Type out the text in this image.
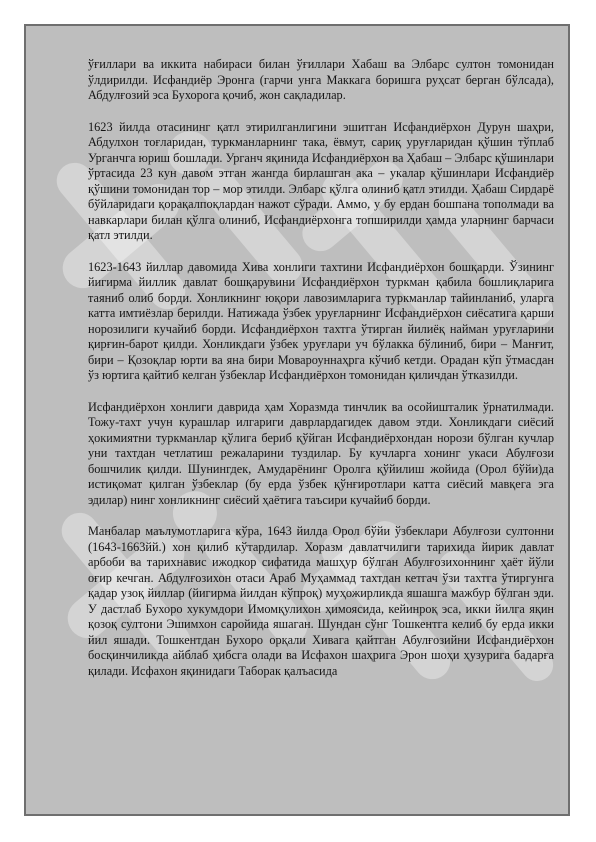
ўғиллари ва иккита набираси билан ўғиллари Хабаш ва Элбарс султон томонидан ўлдирилди. Исфандиёр Эронга (гарчи унга Маккага боришга руҳсат берган бўлсада), Абдулғозий эса Бухорога қочиб, жон сақладилар.

1623 йилда отасининг қатл этирилганлигини эшитган Исфандиёрхон Дурун шаҳри, Абдулхон тоғларидан, туркманларнинг така, ёвмут, сариқ уруғларидан қўшин тўплаб Урганчга юриш бошлади. Урганч яқинида Исфандиёрхон ва Ҳабаш – Элбарс қўшинлари ўртасида 23 кун давом этган жангда бирлашган ака – укалар қўшинлари Исфандиёр қўшини томонидан тор – мор этилди. Элбарс қўлга олиниб қатл этилди. Ҳабаш Сирдарё бўйларидаги қорақалпоқлардан нажот сўради. Аммо, у бу ердан бошпана тополмади ва навкарлари билан қўлга олиниб, Исфандиёрхонга топширилди ҳамда уларнинг барчаси қатл этилди.

1623-1643 йиллар давомида Хива хонлиги тахтини Исфандиёрхон бошқарди. Ўзининг йигирма йиллик давлат бошқарувини Исфандиёрхон туркман қабила бошлиқларига таяниб олиб борди. Хонликнинг юқори лавозимларига туркманлар тайинланиб, уларга катта имтиёзлар берилди. Натижада ўзбек уруғларнинг Исфандиёрхон сиёсатига қарши норозилиги кучайиб борди. Исфандиёрхон тахтга ўтирган йилиёқ найман уруғларини қирғин-барот қилди. Хонликдаги ўзбек уруғлари уч бўлакка бўлиниб, бири – Манғит, бири – Қозоқлар юрти ва яна бири Мовароуннаҳрга кўчиб кетди. Орадан кўп ўтмасдан ўз юртига қайтиб келган ўзбеклар Исфандиёрхон томонидан қиличдан ўтказилди.

Исфандиёрхон хонлиги даврида ҳам Хоразмда тинчлик ва осойишталик ўрнатилмади. Тожу-тахт учун курашлар илгариги даврлардагидек давом этди. Хонликдаги сиёсий ҳокимиятни туркманлар қўлига бериб қўйган Исфандиёрхондан норози бўлган кучлар уни тахтдан четлатиш режаларини туздилар. Бу кучларга хонинг укаси Абулғози бошчилик қилди. Шунингдек, Амударёнинг Оролга қўйилиш жойида (Орол бўйи)да истиқомат қилган ўзбеклар (бу ерда ўзбек қўнғиротлари катта сиёсий мавқега эга эдилар) нинг хонликнинг сиёсий ҳаётига таъсири кучайиб борди.

Манбалар маълумотларига кўра, 1643 йилда Орол бўйи ўзбеклари Абулғози султонни (1643-1663йй.) хон қилиб кўтардилар. Хоразм давлатчилиги тарихида йирик давлат арбоби ва тарихнавис ижодкор сифатида машҳур бўлган Абулғозихоннинг ҳаёт йўли оғир кечган. Абдулғозихон отаси Араб Муҳаммад тахтдан кетгач ўзи тахтга ўтиргунга қадар узоқ йиллар (йигирма йилдан кўпроқ) муҳожирликда яшашга мажбур бўлган эди. У дастлаб Бухоро хукумдори Имомқулихон ҳимоясида, кейинроқ эса, икки йилга яқин қозоқ султони Эшимхон саройида яшаган. Шундан сўнг Тошкентга келиб бу ерда икки йил яшади. Тошкентдан Бухоро орқали Хивага қайтган Абулғозийни Исфандиёрхон босқинчиликда айблаб ҳибсга олади ва Исфахон шаҳрига Эрон шоҳи ҳузурига бадарға қилади. Исфахон яқинидаги Таборак қалъасида
